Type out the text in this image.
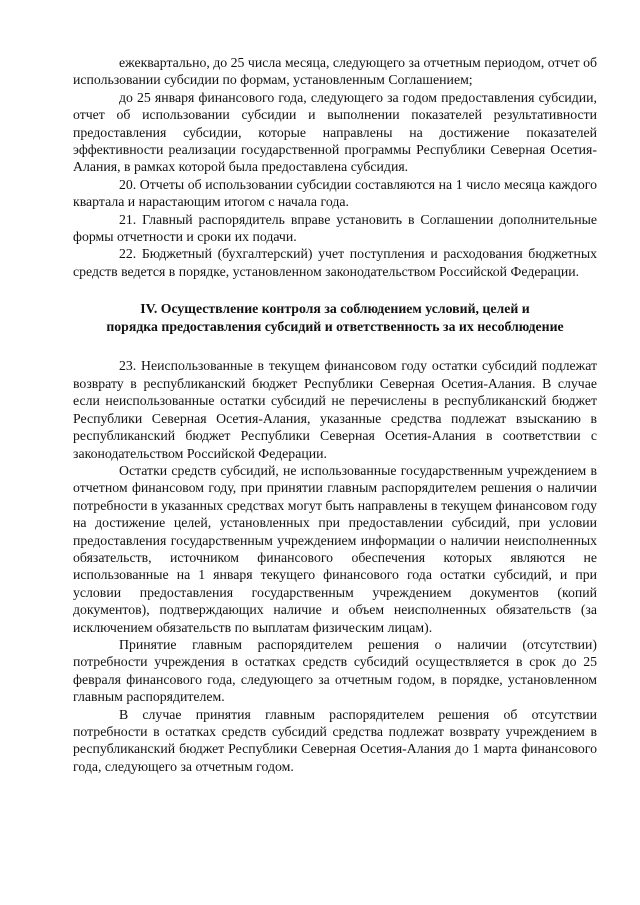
ежеквартально, до 25 числа месяца, следующего за отчетным периодом, отчет об использовании субсидии по формам, установленным Соглашением;

до 25 января финансового года, следующего за годом предоставления субсидии, отчет об использовании субсидии и выполнении показателей результативности предоставления субсидии, которые направлены на достижение показателей эффективности реализации государственной программы Республики Северная Осетия-Алания, в рамках которой была предоставлена субсидия.

20. Отчеты об использовании субсидии составляются на 1 число месяца каждого квартала и нарастающим итогом с начала года.

21. Главный распорядитель вправе установить в Соглашении дополнительные формы отчетности и сроки их подачи.

22. Бюджетный (бухгалтерский) учет поступления и расходования бюджетных средств ведется в порядке, установленном законодательством Российской Федерации.

IV. Осуществление контроля за соблюдением условий, целей и
порядка предоставления субсидий и ответственность за их несоблюдение

23. Неиспользованные в текущем финансовом году остатки субсидий подлежат возврату в республиканский бюджет Республики Северная Осетия-Алания. В случае если неиспользованные остатки субсидий не перечислены в республиканский бюджет Республики Северная Осетия-Алания, указанные средства подлежат взысканию в республиканский бюджет Республики Северная Осетия-Алания в соответствии с законодательством Российской Федерации.

Остатки средств субсидий, не использованные государственным учреждением в отчетном финансовом году, при принятии главным распорядителем решения о наличии потребности в указанных средствах могут быть направлены в текущем финансовом году на достижение целей, установленных при предоставлении субсидий, при условии предоставления государственным учреждением информации о наличии неисполненных обязательств, источником финансового обеспечения которых являются не использованные на 1 января текущего финансового года остатки субсидий, и при условии предоставления государственным учреждением документов (копий документов), подтверждающих наличие и объем неисполненных обязательств (за исключением обязательств по выплатам физическим лицам).

Принятие главным распорядителем решения о наличии (отсутствии) потребности учреждения в остатках средств субсидий осуществляется в срок до 25 февраля финансового года, следующего за отчетным годом, в порядке, установленном главным распорядителем.

В случае принятия главным распорядителем решения об отсутствии потребности в остатках средств субсидий средства подлежат возврату учреждением в республиканский бюджет Республики Северная Осетия-Алания до 1 марта финансового года, следующего за отчетным годом.
